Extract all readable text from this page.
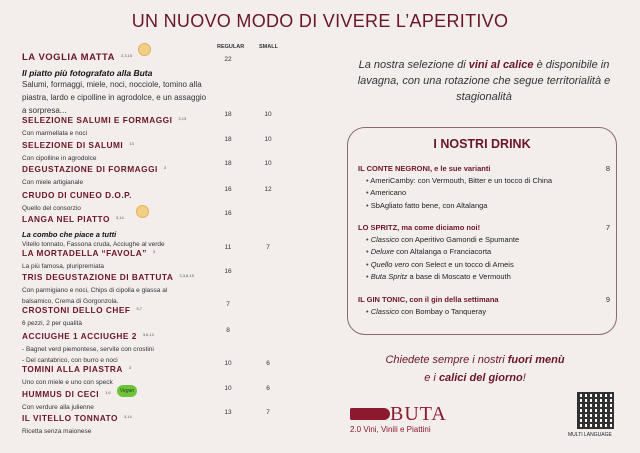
UN NUOVO MODO DI VIVERE L’APERITIVO
REGULAR	SMALL
LA VOGLIA MATTA 2,3,15
Il piatto più fotografato alla Buta
Salumi, formaggi, miele, noci, nocciole, tomino alla
piastra, lardo e cipolline in agrodolce, e un assaggio
a sorpresa...
22
SELEZIONE SALUMI E FORMAGGI 3,13
Con marmellata e noci
18	10
SELEZIONE DI SALUMI 13
Con cipolline in agrodolce
18	10
DEGUSTAZIONE DI FORMAGGI 3
Con miele artigianale
18	10
CRUDO DI CUNEO D.O.P.
Quello del consorzio
16	12
LANGA NEL PIATTO 3,14
La combo che piace a tutti
Vitello tonnato, Fassona cruda, Acciughe al verde
16
LA MORTADELLA “FAVOLA” 3
La più famosa, pluripremiata
11	7
TRIS DEGUSTAZIONE DI BATTUTA 3,3,8,15
Con parmigiano e noci, Chips di cipolla e glassa al
balsamico, Crema di Gorgonzola.
16
CROSTONI DELLO CHEF 5,7
6 pezzi, 2 per qualità
7
ACCIUGHE 1 ACCIUGHE 2 3,6,12
- Bagnet verd piemontese, servite con crostini
- Del cantabrico, con burro e noci
8
TOMINI ALLA PIASTRA 3
Uno con miele e uno con speck
10	6
HUMMUS DI CECI 1,6
Con verdure alla julienne
10	6
Vegan
IL VITELLO TONNATO 3,14
Ricetta senza maionese
13	7
La nostra selezione di vini al calice è disponibile in lavagna, con una rotazione che segue territorialità e stagionalità
I NOSTRI DRINK
IL CONTE NEGRONI, e le sue varianti	8
• AmeriCamby: con Vermouth, Bitter e un tocco di China
• Americano
• SbAgliato fatto bene, con Altalanga
LO SPRITZ, ma come diciamo noi!	7
• Classico con Aperitivo Gamondi e Spumante
• Deluxe con Altalanga o Franciacorta
• Quello vero con Select e un tocco di Arneis
• Buta Spritz a base di Moscato e Vermouth
IL GIN TONIC, con il gin della settimana	9
• Classico con Bombay o Tanqueray
Chiedete sempre i nostri fuori menù
e i calici del giorno!
BUTA
2.0 Vini, Vinili e Piattini
MULTI LANGUAGE
